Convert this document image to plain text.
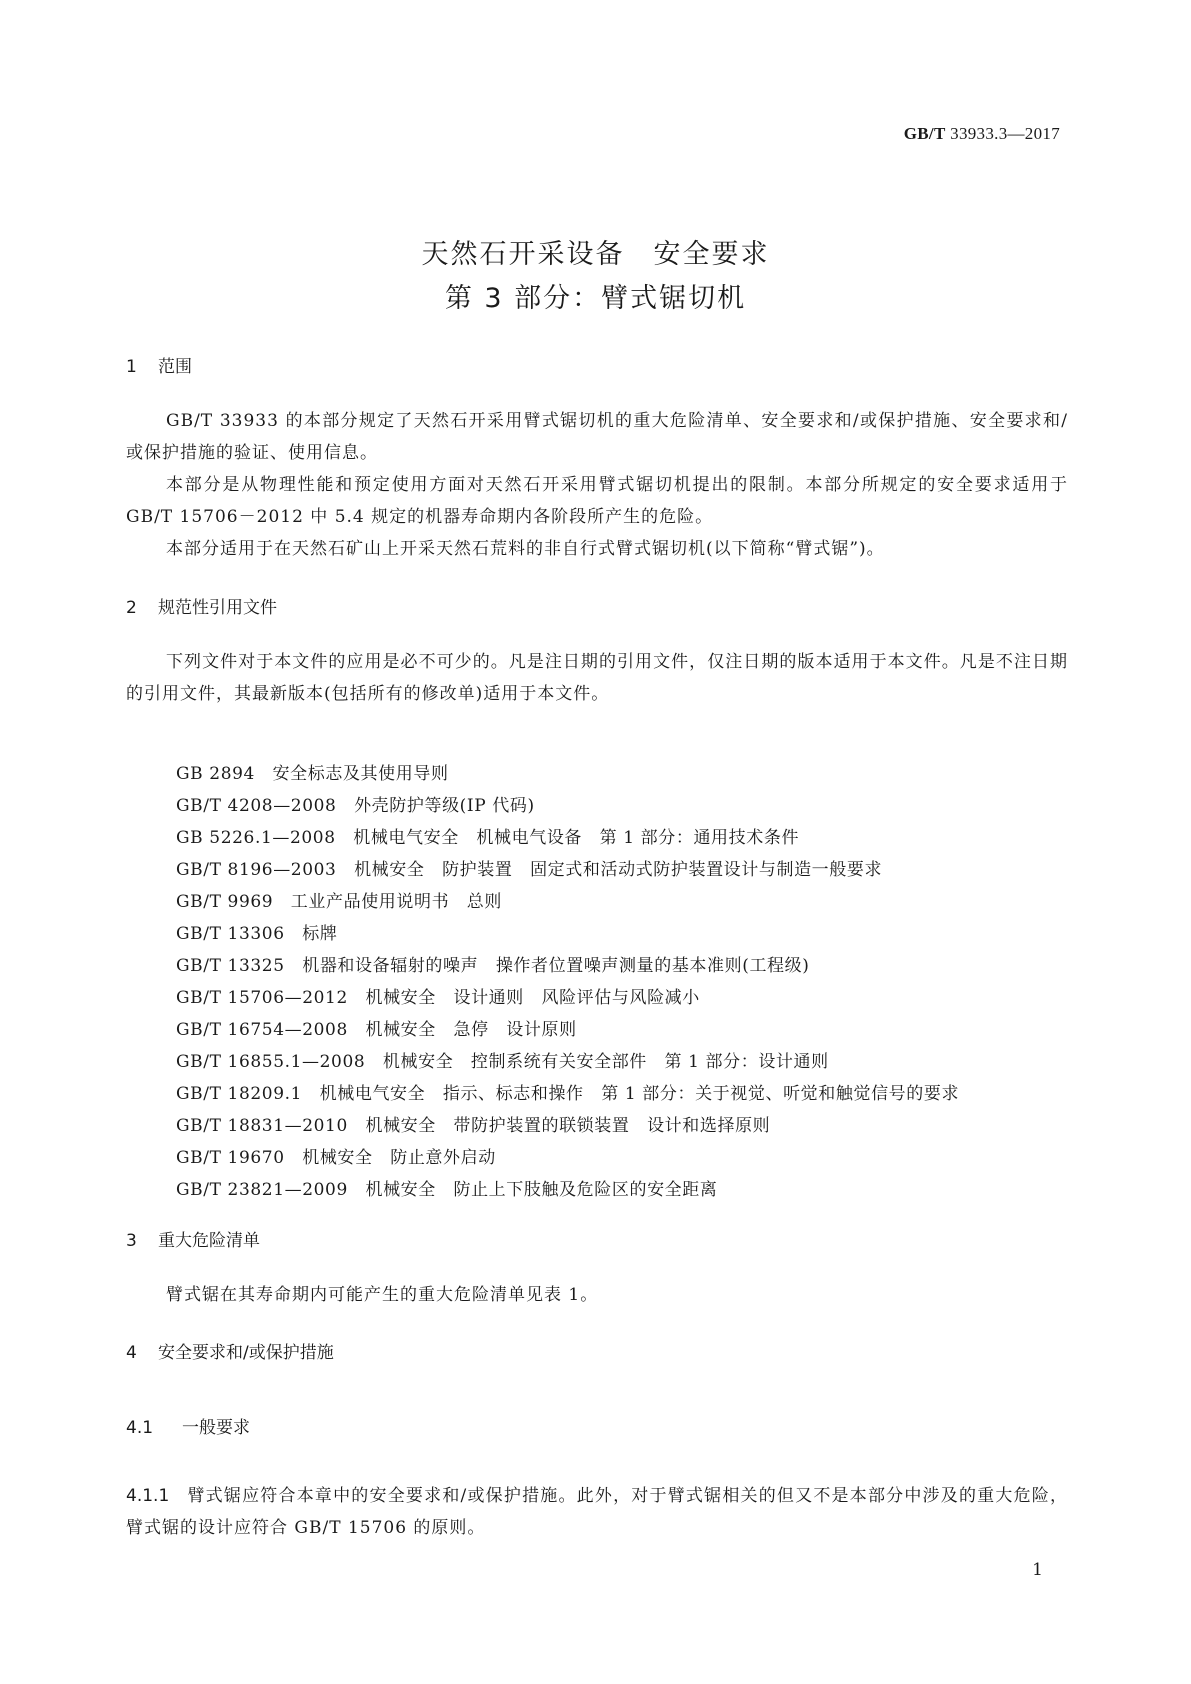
GB/T 33933.3—2017
天然石开采设备　安全要求
第 3 部分：臂式锯切机
1 范围

GB/T 33933 的本部分规定了天然石开采用臂式锯切机的重大危险清单、安全要求和/或保护措施、安全要求和/或保护措施的验证、使用信息。

本部分是从物理性能和预定使用方面对天然石开采用臂式锯切机提出的限制。本部分所规定的安全要求适用于 GB/T 15706－2012 中 5.4 规定的机器寿命期内各阶段所产生的危险。

本部分适用于在天然石矿山上开采天然石荒料的非自行式臂式锯切机(以下简称“臂式锯”)。

2 规范性引用文件

下列文件对于本文件的应用是必不可少的。凡是注日期的引用文件，仅注日期的版本适用于本文件。凡是不注日期的引用文件，其最新版本(包括所有的修改单)适用于本文件。

GB 2894　安全标志及其使用导则
GB/T 4208—2008　外壳防护等级(IP 代码)
GB 5226.1—2008　机械电气安全　机械电气设备　第 1 部分：通用技术条件
GB/T 8196—2003　机械安全　防护装置　固定式和活动式防护装置设计与制造一般要求
GB/T 9969　工业产品使用说明书　总则
GB/T 13306　标牌
GB/T 13325　机器和设备辐射的噪声　操作者位置噪声测量的基本准则(工程级)
GB/T 15706—2012　机械安全　设计通则　风险评估与风险减小
GB/T 16754—2008　机械安全　急停　设计原则
GB/T 16855.1—2008　机械安全　控制系统有关安全部件　第 1 部分：设计通则
GB/T 18209.1　机械电气安全　指示、标志和操作　第 1 部分：关于视觉、听觉和触觉信号的要求
GB/T 18831—2010　机械安全　带防护装置的联锁装置　设计和选择原则
GB/T 19670　机械安全　防止意外启动
GB/T 23821—2009　机械安全　防止上下肢触及危险区的安全距离
3 重大危险清单

臂式锯在其寿命期内可能产生的重大危险清单见表 1。

4 安全要求和/或保护措施
4.1 一般要求

4.1.1 臂式锯应符合本章中的安全要求和/或保护措施。此外，对于臂式锯相关的但又不是本部分中涉及的重大危险，臂式锯的设计应符合 GB/T 15706 的原则。

1
